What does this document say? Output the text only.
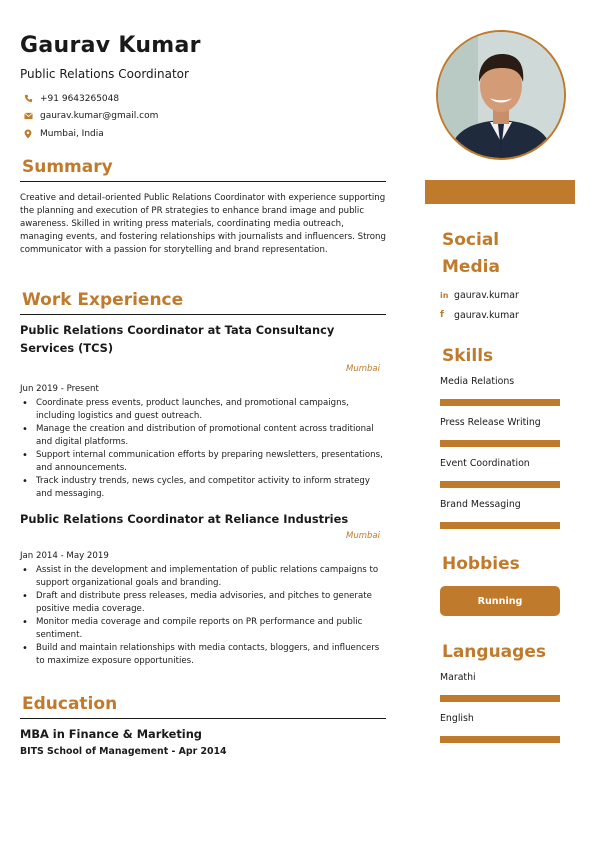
Gaurav Kumar
Public Relations Coordinator
+91 9643265048
gaurav.kumar@gmail.com
Mumbai, India
Summary
Creative and detail-oriented Public Relations Coordinator with experience supporting the planning and execution of PR strategies to enhance brand image and public awareness. Skilled in writing press materials, coordinating media outreach, managing events, and fostering relationships with journalists and influencers. Strong communicator with a passion for storytelling and brand representation.
Work Experience
Public Relations Coordinator at Tata Consultancy Services (TCS)
Mumbai
Jun 2019 - Present
• Coordinate press events, product launches, and promotional campaigns, including logistics and guest outreach.
• Manage the creation and distribution of promotional content across traditional and digital platforms.
• Support internal communication efforts by preparing newsletters, presentations, and announcements.
• Track industry trends, news cycles, and competitor activity to inform strategy and messaging.
Public Relations Coordinator at Reliance Industries
Mumbai
Jan 2014 - May 2019
• Assist in the development and implementation of public relations campaigns to support organizational goals and branding.
• Draft and distribute press releases, media advisories, and pitches to generate positive media coverage.
• Monitor media coverage and compile reports on PR performance and public sentiment.
• Build and maintain relationships with media contacts, bloggers, and influencers to maximize exposure opportunities.
Education
MBA in Finance & Marketing
BITS School of Management - Apr 2014
Social
Media
in gaurav.kumar
f	gaurav.kumar
Skills
Media Relations
Press Release Writing
Event Coordination
Brand Messaging
Hobbies
Running
Languages
Marathi
English
